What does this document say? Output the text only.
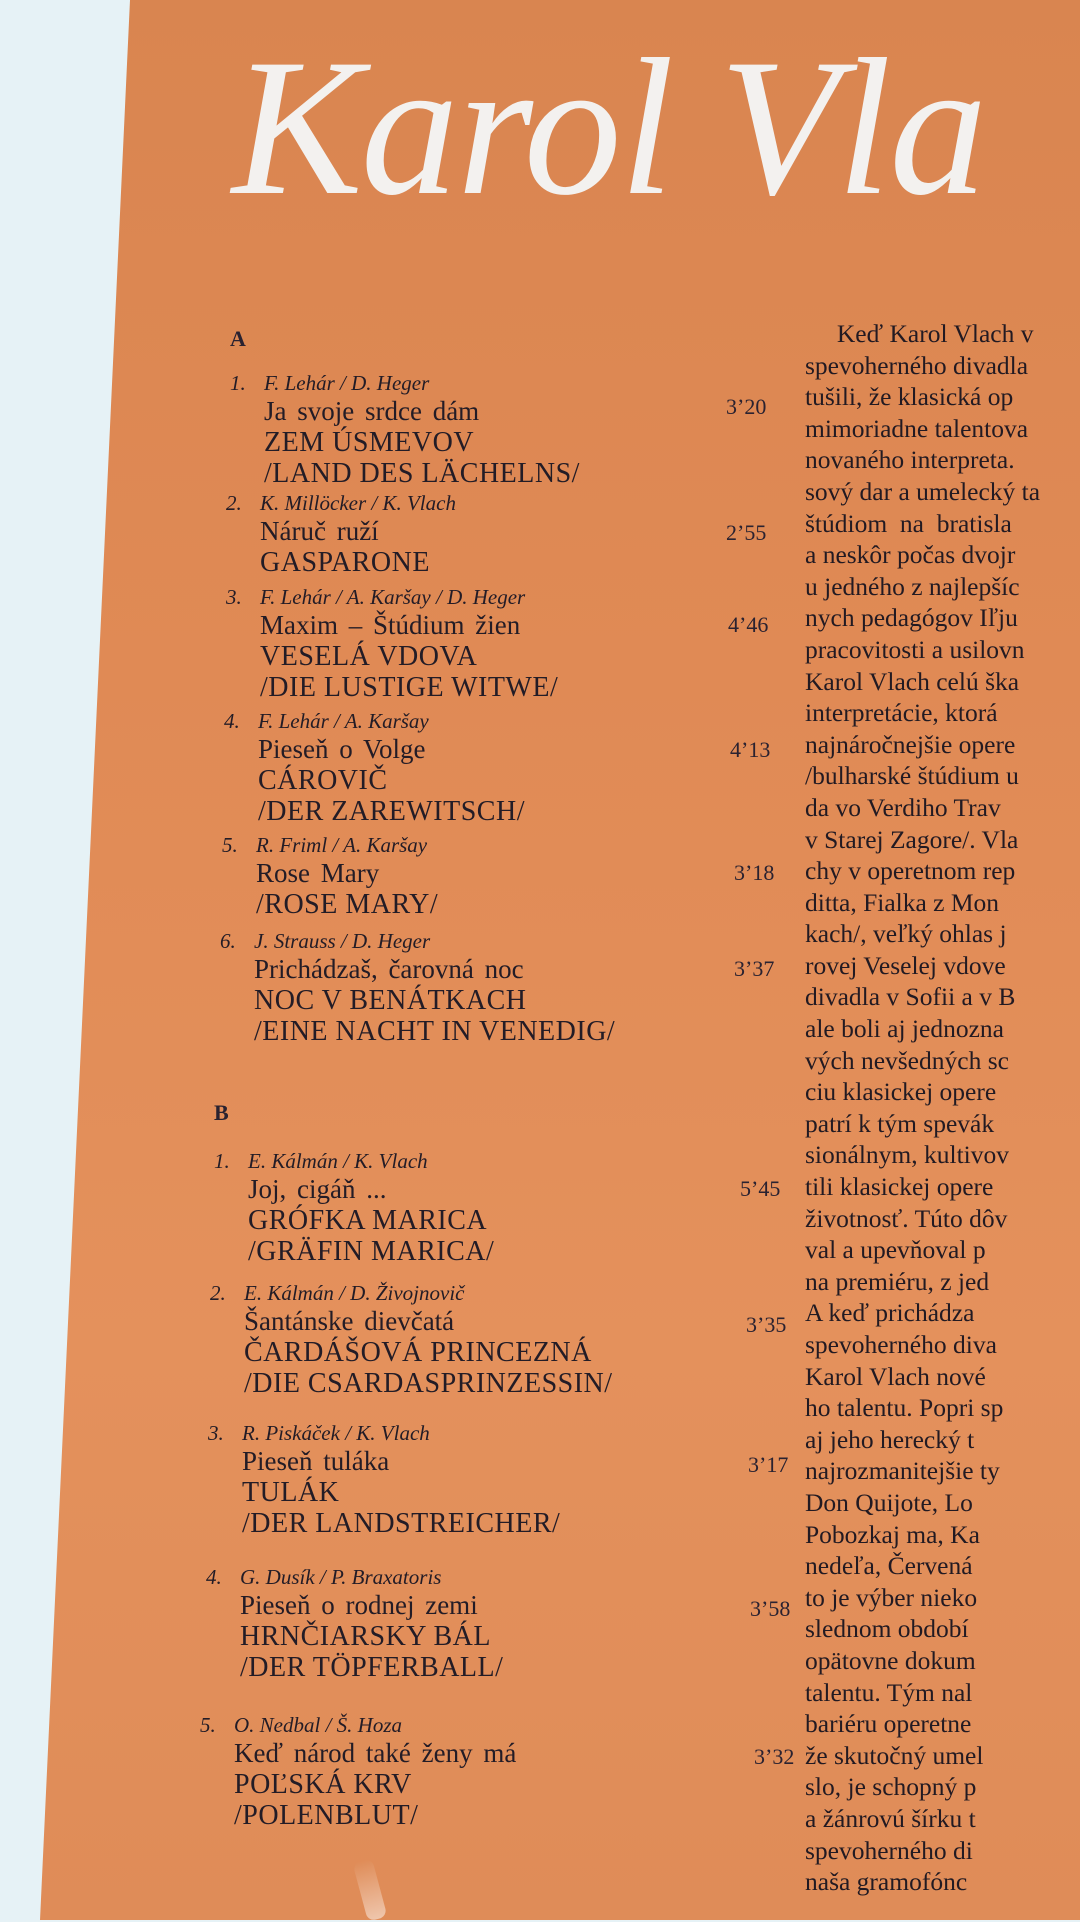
Karol Vla
A
1. F. Lehár / D. Heger
Ja svoje srdce dám
ZEM ÚSMEVOV
/LAND DES LÄCHELNS/
3’20
2. K. Millöcker / K. Vlach
Náruč ruží
GASPARONE
2’55
3. F. Lehár / A. Karšay / D. Heger
Maxim – Štúdium žien
VESELÁ VDOVA
/DIE LUSTIGE WITWE/
4’46
4. F. Lehár / A. Karšay
Pieseň o Volge
CÁROVIČ
/DER ZAREWITSCH/
4’13
5. R. Friml / A. Karšay
Rose Mary
/ROSE MARY/
3’18
6. J. Strauss / D. Heger
Prichádzaš, čarovná noc
NOC V BENÁTKACH
/EINE NACHT IN VENEDIG/
3’37
B
1. E. Kálmán / K. Vlach
Joj, cigáň ...
GRÓFKA MARICA
/GRÄFIN MARICA/
5’45
2. E. Kálmán / D. Živojnovič
Šantánske dievčatá
ČARDÁŠOVÁ PRINCEZNÁ
/DIE CSARDASPRINZESSIN/
3’35
3. R. Piskáček / K. Vlach
Pieseň tuláka
TULÁK
/DER LANDSTREICHER/
3’17
4. G. Dusík / P. Braxatoris
Pieseň o rodnej zemi
HRNČIARSKY BÁL
/DER TÖPFERBALL/
3’58
5. O. Nedbal / Š. Hoza
Keď národ také ženy má
POĽSKÁ KRV
/POLENBLUT/
3’32
Keď Karol Vlach v
spevoherného divadla
tušili, že klasická op
mimoriadne talentova
novaného interpreta.
sový dar a umelecký ta
štúdiom  na  bratisla
a neskôr počas dvojr
u jedného z najlepšíc
nych pedagógov Iľju
pracovitosti a usilovn
Karol Vlach celú ška
interpretácie, ktorá
najnáročnejšie opere
/bulharské štúdium u
da vo Verdiho Trav
v Starej Zagore/. Vla
chy v operetnom rep
ditta, Fialka z Mon
kach/, veľký ohlas j
rovej Veselej vdove
divadla v Sofii a v B
ale boli aj jednozna
vých nevšedných sc
ciu klasickej opere
patrí k tým spevák
sionálnym, kultivov
tili klasickej opere
životnosť. Túto dôv
val a upevňoval p
na premiéru, z jed
A keď prichádza
spevoherného diva
Karol Vlach nové
ho talentu. Popri sp
aj jeho herecký t
najrozmanitejšie ty
Don Quijote, Lo
Pobozkaj ma, Ka
nedeľa, Červená
to je výber nieko
slednom období
opätovne dokum
talentu. Tým nal
bariéru operetne
že skutočný umel
slo, je schopný p
a žánrovú šírku t
spevoherného di
naša gramofónc
